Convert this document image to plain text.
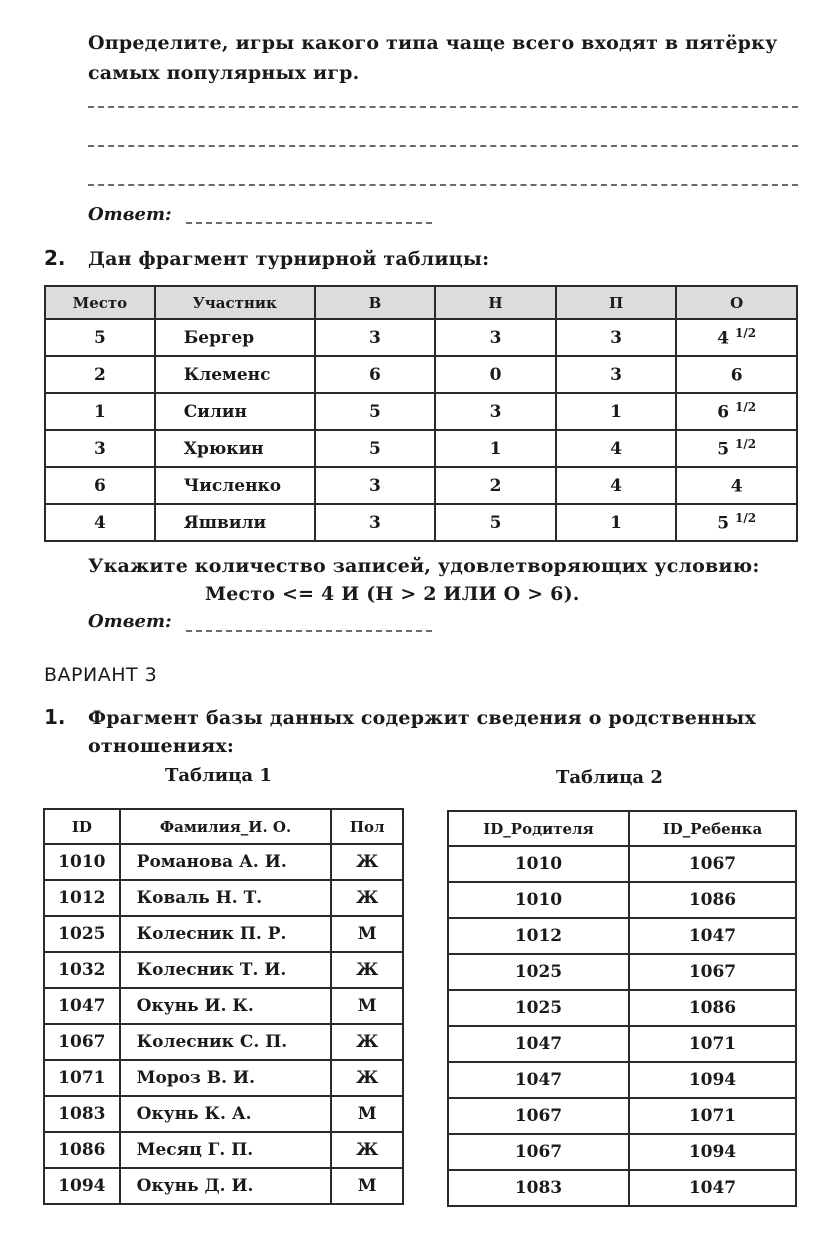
Определите, игры какого типа чаще всего входят в пятёрку
самых популярных игр.
Ответ:
2. Дан фрагмент турнирной таблицы:
Место	Участник	В	Н	П	О
5	Бергер	3	3	3	4 $^{1/2}$
2	Клеменс	6	0	3	6
1	Силин	5	3	1	6 $^{1/2}$
3	Хрюкин	5	1	4	5 $^{1/2}$
6	Численко	3	2	4	4
4	Яшвили	3	5	1	5 $^{1/2}$
Укажите количество записей, удовлетворяющих условию:
Место <= 4 И (Н > 2 ИЛИ О > 6).
Ответ:
ВАРИАНТ 3
1. Фрагмент базы данных содержит сведения о родственных
отношениях:
Таблица 1	Таблица 2
ID	Фамилия_И. О.	Пол
1010	Романова А. И.	Ж
1012	Коваль Н. Т.	Ж
1025	Колесник П. Р.	М
1032	Колесник Т. И.	Ж
1047	Окунь И. К.	М
1067	Колесник С. П.	Ж
1071	Мороз В. И.	Ж
1083	Окунь К. А.	М
1086	Месяц Г. П.	Ж
1094	Окунь Д. И.	М
ID_Родителя	ID_Ребенка
1010	1067
1010	1086
1012	1047
1025	1067
1025	1086
1047	1071
1047	1094
1067	1071
1067	1094
1083	1047
